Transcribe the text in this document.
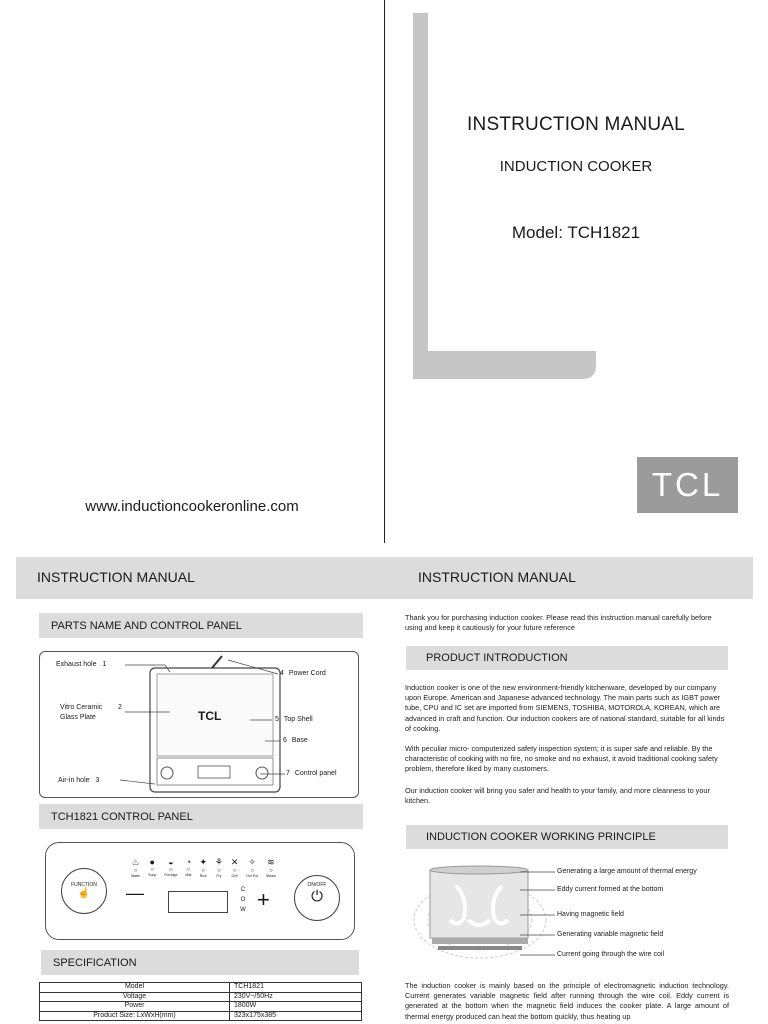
INSTRUCTION MANUAL
INDUCTION COOKER
Model: TCH1821
TCL
www.inductioncookeronline.com
INSTRUCTION MANUAL	INSTRUCTION MANUAL
PARTS NAME AND CONTROL PANEL
TCL
Exhaust hole 1
Vitro Ceramic Glass Plate 2
Air-in hole 3
4 Power Cord
5 Top Shell
6 Base
7 Control panel
TCH1821 CONTROL PANEL
FUNCTION
☝	—	C
O
W +
ON/OFF
⏻
♨
○
Water
●
○
Soup
◒
○
Porridge
◔
○
Milk
✦
○
Rice
⚘
○
Fry
✕
○
Grill
✧
○
Hot Pot
≋
○
Steam
SPECIFICATION
Model	TCH1821
Voltage	230V~/50Hz
Power	1800W
Product Size: LxWxH(mm)	323x175x385
Thank you for purchasing induction cooker. Please read this instruction manual carefully before using and keep it cautiously for your future reference
PRODUCT INTRODUCTION
Induction cooker is one of the new environment-friendly kitchenware, developed by our company upon Europe. American and Japanese advanced technology. The main parts such as IGBT power tube, CPU and IC set are imported from SIEMENS, TOSHIBA, MOTOROLA, KOREAN, which are advanced in craft and function. Our induction cookers are of national standard, suitable for all kinds of cooking.
With peculiar micro- computerized safety inspection system; it is super safe and reliable. By the characteristic of cooking with no fire, no smoke and no exhaust, it avoid traditional cooking safety problem, therefore liked by many customers.
Our induction cooker will bring you safer and health to your family, and more cleanness to your kitchen.
INDUCTION COOKER WORKING PRINCIPLE
Generating a large amount of thermal energy
Eddy current formed at the bottom
Having magnetic field
Generating variable magnetic field
Current going through the wire coil
The induction cooker is mainly based on the principle of electromagnetic induction technology. Current generates variable magnetic field after running through the wire coil. Eddy current is generated at the bottom when the magnetic field induces the cooker plate. A large amount of thermal energy produced can heat the bottom quickly, thus heating up
